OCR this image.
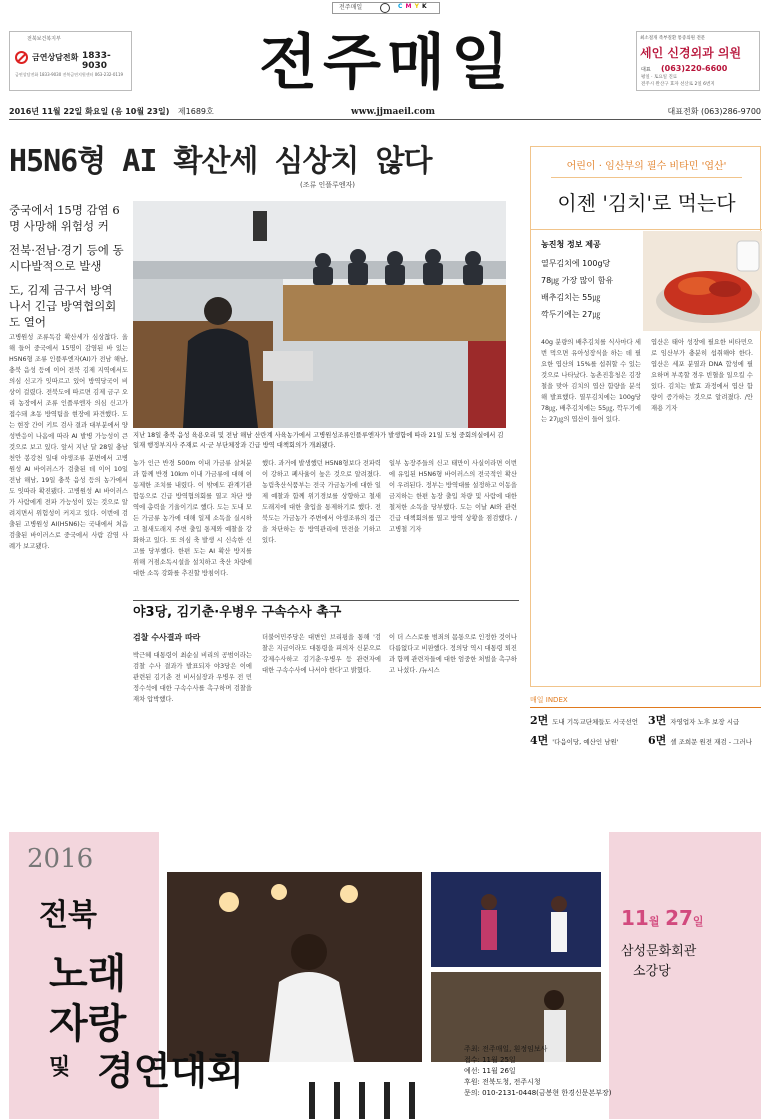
전주매일	C M Y K
전북보건복지부
금연상담전화 1833-9030
금연상담전화 1833-9030 전북금연지원센터 063-232-0119 전주매일	최소절개 족부질환 통증의원 전문
세인 신경외과 의원
대표 (063)220-6600
평일 · 토요일 진료
전주시 완산구 효자 선산로 2일 6번지
2016년 11월 22일 화요일 (음 10월 23일) 제1689호	www.jjmaeil.com	대표전화 (063)286-9700
H5N6형 AI 확산세 심상치 않다
(조류 인플루엔자)
중국에서 15명 감염 6명 사망해 위험성 커
전북·전남·경기 등에 동시다발적으로 발생
도, 김제 금구서 방역 나서 긴급 방역협의회도 열어
고병원성 조류독감 확산세가 심상찮다. 올해 들어 중국에서 15명이 감염된 바 있는 H5N6형 조류 인플루엔자(AI)가 전남 해남, 충북 음성 등에 이어 전북 김제 지역에서도 의심 신고가 잇따르고 있어 방역당국이 비상이 걸렸다. 전북도에 따르면 김제 금구 오리 농장에서 조류 인플루엔자 의심 신고가 접수돼 초동 방역팀을 현장에 파견했다. 도는 현장 간이 키트 검사 결과 대부분에서 양성반응이 나옴에 따라 AI 발병 가능성이 큰 것으로 보고 있다. 앞서 지난 달 28일 충남 천안 봉강천 일대 야생조류 분변에서 고병원성 AI 바이러스가 검출된 데 이어 10일 전남 해남, 19일 충북 음성 등의 농가에서도 잇따라 확진됐다. 고병원성 AI 바이러스가 사람에게 전파 가능성이 있는 것으로 알려지면서 위험성이 커지고 있다. 이번에 검출된 고병원성 AI(H5N6)는 국내에서 처음 검출된 바이러스로 중국에서 사람 감염 사례가 보고됐다.
농가 인근 반경 500m 이내 가금류 살처분과 함께 반경 10km 이내 가금류에 대해 이동제한 조치를 내렸다. 이 밖에도 관계기관 합동으로 긴급 방역협의회를 열고 차단 방역에 총력을 기울이기로 했다. 도는 도내 모든 가금류 농가에 대해 일제 소독을 실시하고 철새도래지 주변 출입 통제와 예찰을 강화하고 있다. 또 의심 축 발생 시 신속한 신고를 당부했다. 한편 도는 AI 확산 방지를 위해 거점소독시설을 설치하고 축산 차량에 대한 소독 강화를 추진할 방침이다.
했다. 과거에 발생했던 H5N8형보다 전파력이 강하고 폐사율이 높은 것으로 알려졌다. 농림축산식품부는 전국 가금농가에 대한 일제 예찰과 함께 위기경보를 상향하고 철새도래지에 대한 출입을 통제하기로 했다. 전북도는 가금농가 주변에서 야생조류의 접근을 차단하는 등 방역관리에 만전을 기하고 있다.
일부 농장주들의 신고 태만이 사실이라면 이번에 유입된 H5N6형 바이러스의 전국적인 확산이 우려된다. 정부는 방역대를 설정하고 이동을 금지하는 한편 농장 출입 차량 및 사람에 대한 철저한 소독을 당부했다. 도는 이날 AI와 관련 긴급 대책회의를 열고 방역 상황을 점검했다. /고병철 기자
지난 18일 충북 음성 육용오리 및 전남 해남 산란계 사육농가에서 고병원성조류인플루엔자가 발생함에 따라 21일 도청 중회의실에서 김일재 행정부지사 주재로 시·군 부단체장과 긴급 방역 대책회의가 개최됐다.
야3당, 김기춘·우병우 구속수사 촉구
검찰 수사결과 따라
박근혜 대통령이 최순실 비리의 공범이라는 검찰 수사 결과가 발표되자 야3당은 이에 관련된 김기춘 전 비서실장과 우병우 전 민정수석에 대한 구속수사를 촉구하며 검찰을 재차 압박했다.
더불어민주당은 대변인 브리핑을 통해 '검찰은 지금이라도 대통령을 피의자 신분으로 강제수사하고 김기춘·우병우 등 관련자에 대한 구속수사에 나서야 한다'고 밝혔다.
이 더 스스로를 범죄의 몸통으로 인정한 것이나 다름없다고 비판했다. 정의당 역시 대통령 퇴진과 함께 관련자들에 대한 엄중한 처벌을 촉구하고 나섰다. /뉴시스
어린이 · 임산부의 필수 비타민 '엽산'
이젠 '김치'로 먹는다
농진청 정보 제공
열무김치에 100g당
78㎍ 가장 많이 함유
배추김치는 55㎍
깍두기에는 27㎍
40g 분량의 배추김치를 식사마다 세 번 먹으면 유아성장식을 하는 데 필요한 엽산의 15%를 섭취할 수 있는 것으로 나타났다. 농촌진흥청은 김장철을 맞아 김치의 엽산 함량을 분석해 발표했다. 열무김치에는 100g당 78㎍, 배추김치에는 55㎍, 깍두기에는 27㎍의 엽산이 들어 있다.
엽산은 태아 성장에 필요한 비타민으로 임산부가 충분히 섭취해야 한다. 엽산은 세포 분열과 DNA 합성에 필요하며 부족할 경우 빈혈을 일으킬 수 있다. 김치는 발효 과정에서 엽산 함량이 증가하는 것으로 알려졌다. /안재용 기자
매일 INDEX
2면 도내 기독교단체들도 시국선언 3면 자영업자 노후 보장 시급
4면 '다음이당, 예산인 남원'	6면 셀 조희문 원전 재검 - 그러나
2016
전북
노래
자랑
및 경연대회
11월 27일
삼성문화회관
소강당
주최: 전주매일, 흰정임보사
접수: 11월 25일
예선: 11월 26일
후원: 전북도청, 전주시청
문의: 010-2131-0448(금봉현 한경신문본부장)
